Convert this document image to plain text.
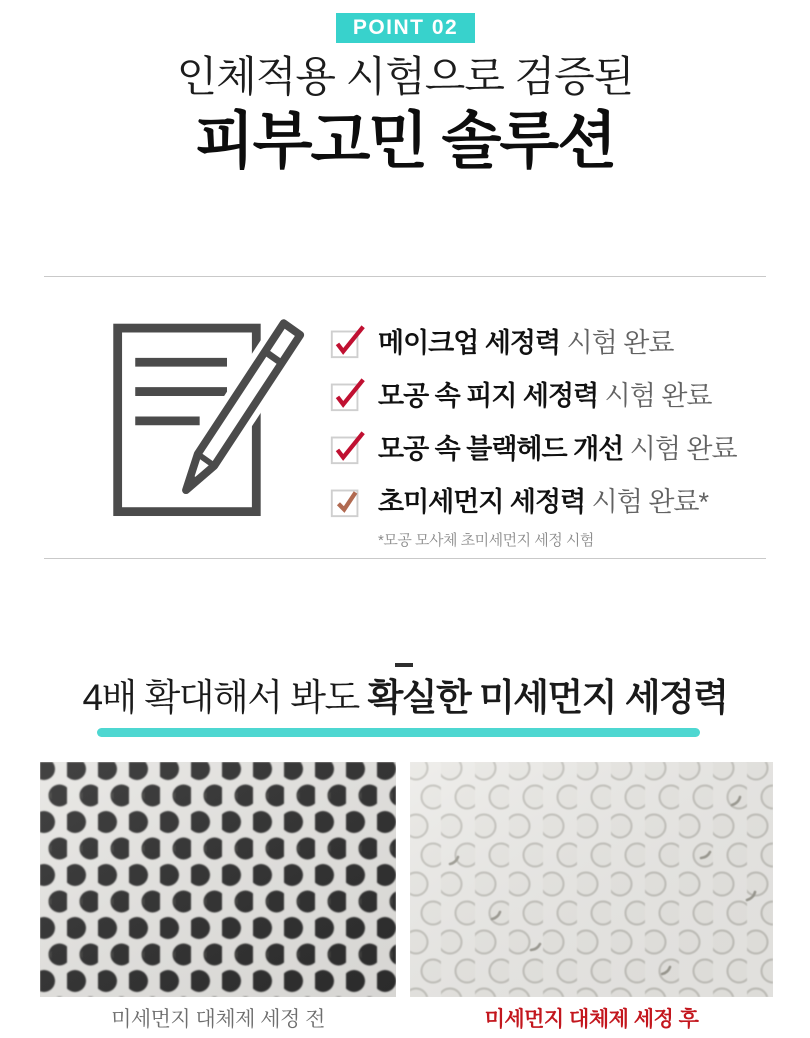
POINT 02
인체적용 시험으로 검증된
피부고민 솔루션
메이크업 세정력 시험 완료
모공 속 피지 세정력 시험 완료
모공 속 블랙헤드 개선 시험 완료
초미세먼지 세정력 시험 완료*
*모공 모사체 초미세먼지 세정 시험
4배 확대해서 봐도 확실한 미세먼지 세정력
미세먼지 대체제 세정 전	미세먼지 대체제 세정 후
